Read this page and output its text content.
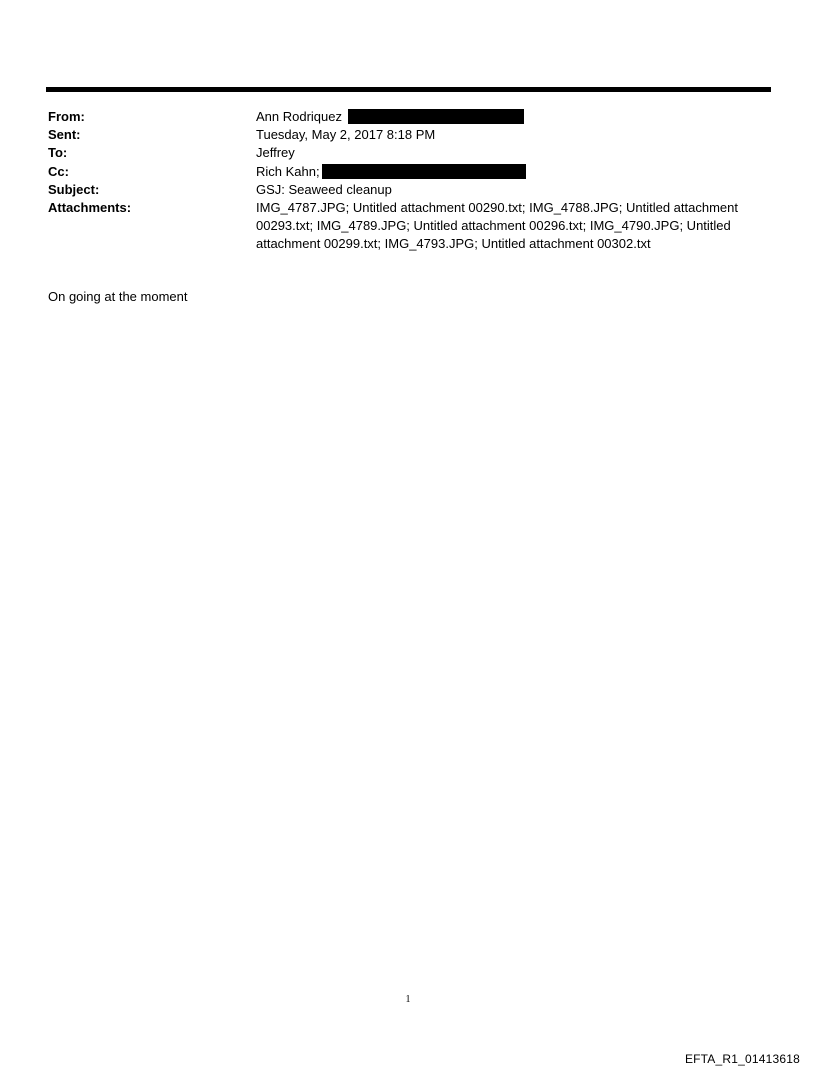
From:	Ann Rodriquez
Sent:	Tuesday, May 2, 2017 8:18 PM
To:	Jeffrey
Cc:	Rich Kahn;
Subject:	GSJ: Seaweed cleanup
Attachments:	IMG_4787.JPG; Untitled attachment 00290.txt; IMG_4788.JPG; Untitled attachment 00293.txt; IMG_4789.JPG; Untitled attachment 00296.txt; IMG_4790.JPG; Untitled attachment 00299.txt; IMG_4793.JPG; Untitled attachment 00302.txt
On going at the moment
1
EFTA_R1_01413618
